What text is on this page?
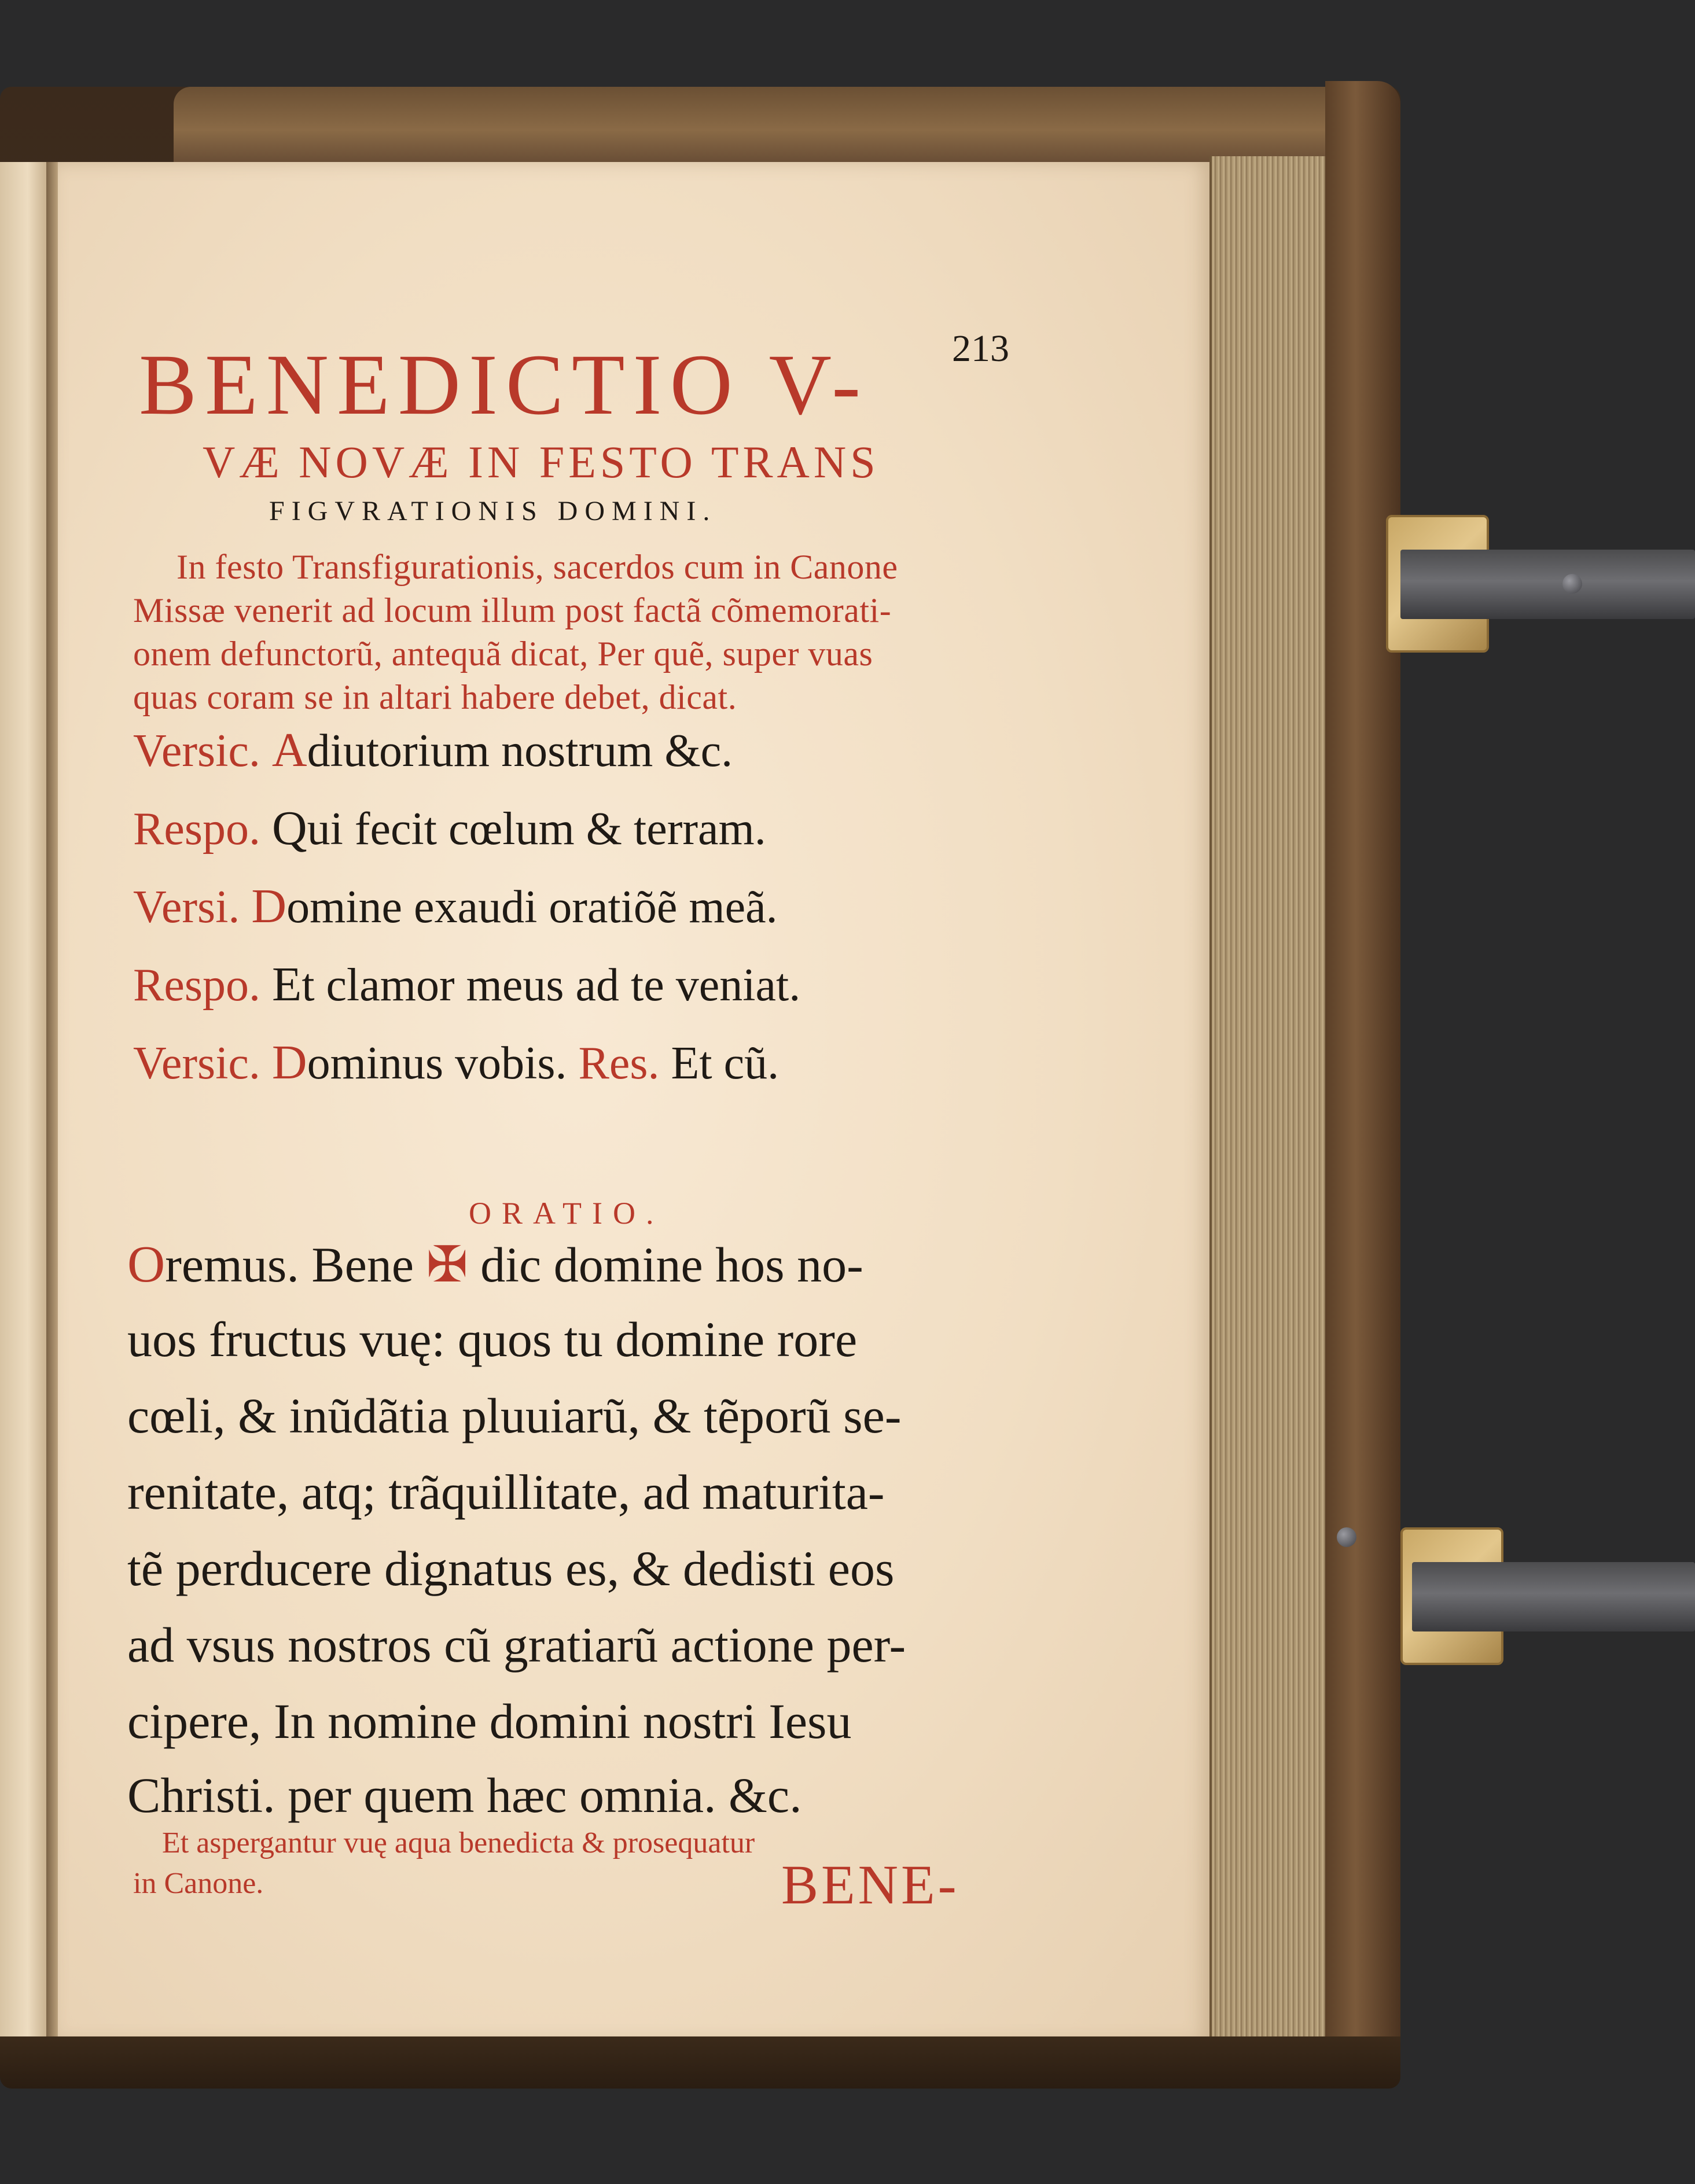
213
BENEDICTIO V-
VÆ NOVÆ IN FESTO TRANS
FIGVRATIONIS DOMINI.
In festo Transfigurationis, sacerdos cum in Canone
Missæ venerit ad locum illum post factã cõmemorati-
onem defunctorũ, antequã dicat, Per quẽ, super vuas
quas coram se in altari habere debet, dicat.
Versic. Adiutorium nostrum &c.
Respo. Qui fecit cœlum & terram.
Versi. Domine exaudi oratiõẽ meã.
Respo. Et clamor meus ad te veniat.
Versic. Dominus vobis. Res. Et cũ.
ORATIO.
Oremus. Bene ✠ dic domine hos no-
uos fructus vuę: quos tu domine rore
cœli, & inũdãtia pluuiarũ, & tẽporũ se-
renitate, atq; trãquillitate, ad maturita-
tẽ perducere dignatus es, & dedisti eos
ad vsus nostros cũ gratiarũ actione per-
cipere, In nomine domini nostri Iesu
Christi. per quem hæc omnia. &c.
Et aspergantur vuę aqua benedicta & prosequatur
in Canone.	BENE-
